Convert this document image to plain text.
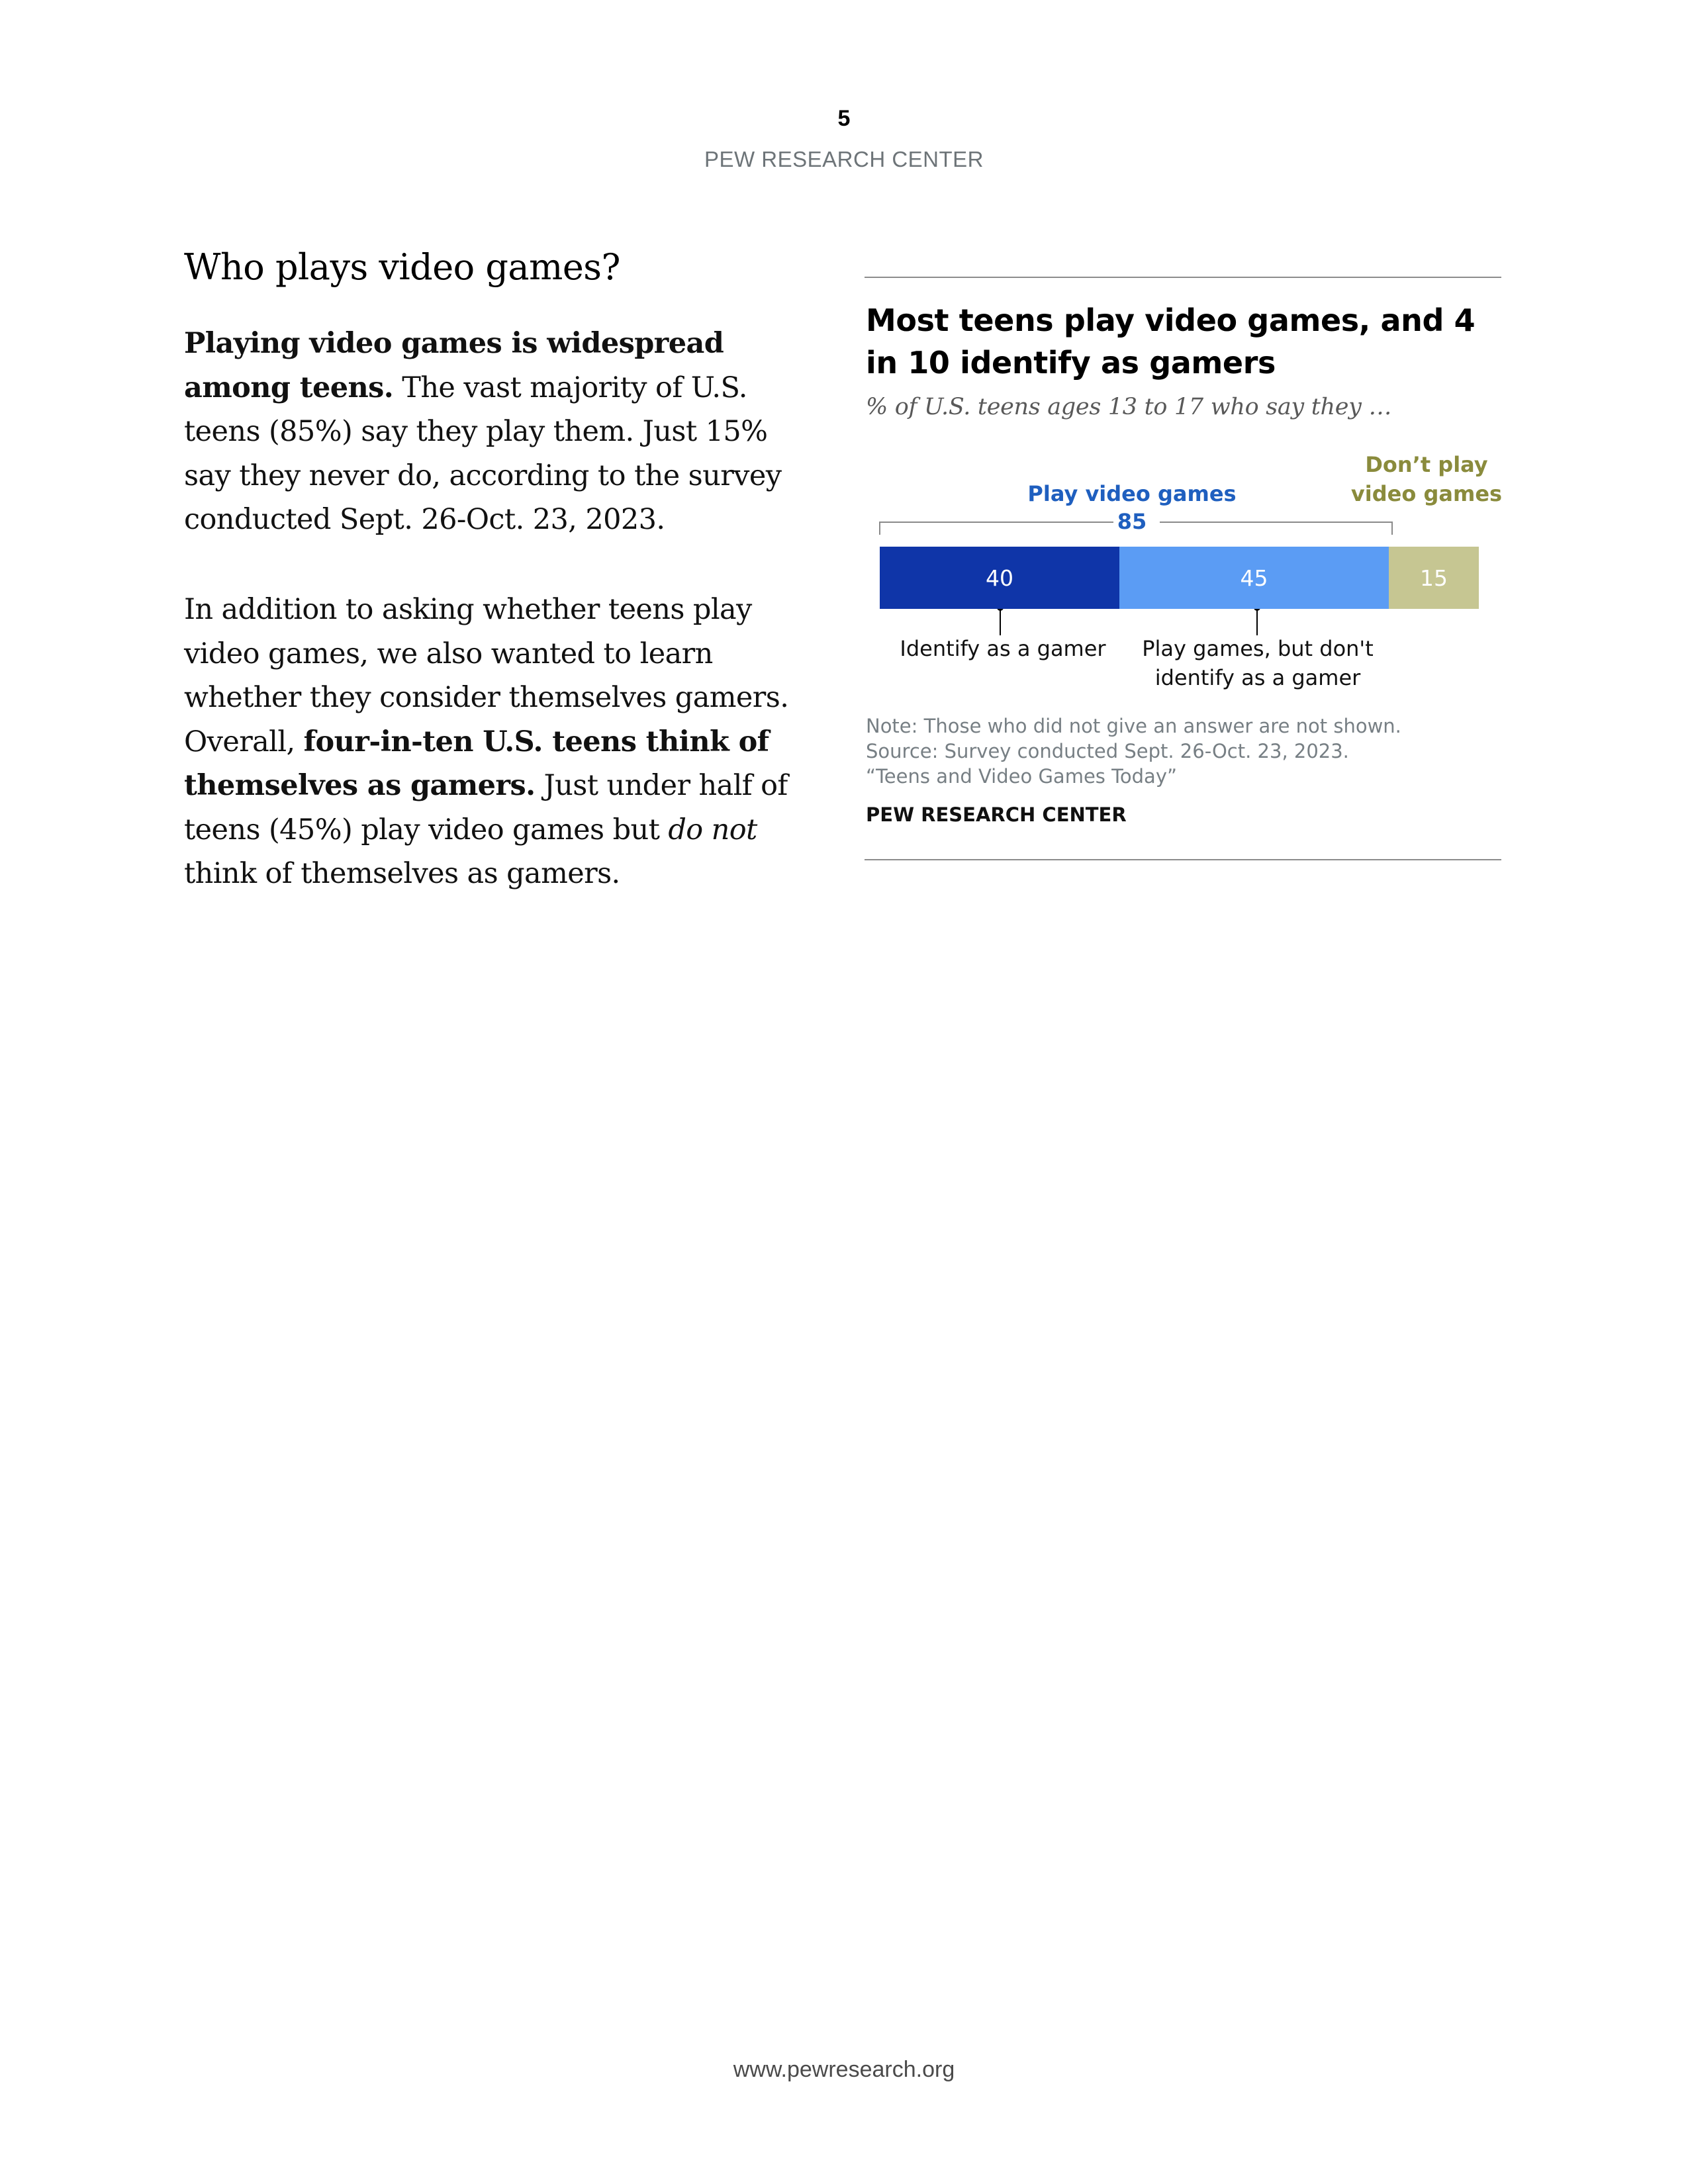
5
PEW RESEARCH CENTER
Who plays video games?

Playing video games is widespread among teens. The vast majority of U.S. teens (85%) say they play them. Just 15% say they never do, according to the survey conducted Sept. 26-Oct. 23, 2023.

In addition to asking whether teens play video games, we also wanted to learn whether they consider themselves gamers. Overall, four-in-ten U.S. teens think of themselves as gamers. Just under half of teens (45%) play video games but do not think of themselves as gamers.

Most teens play video games, and 4 in 10 identify as gamers
% of U.S. teens ages 13 to 17 who say they …
Play video games
85
Don’t play video games
40	45	15
Identify as a gamer	Play games, but don't identify as a gamer
Note: Those who did not give an answer are not shown.
Source: Survey conducted Sept. 26-Oct. 23, 2023.
“Teens and Video Games Today”
PEW RESEARCH CENTER
www.pewresearch.org
